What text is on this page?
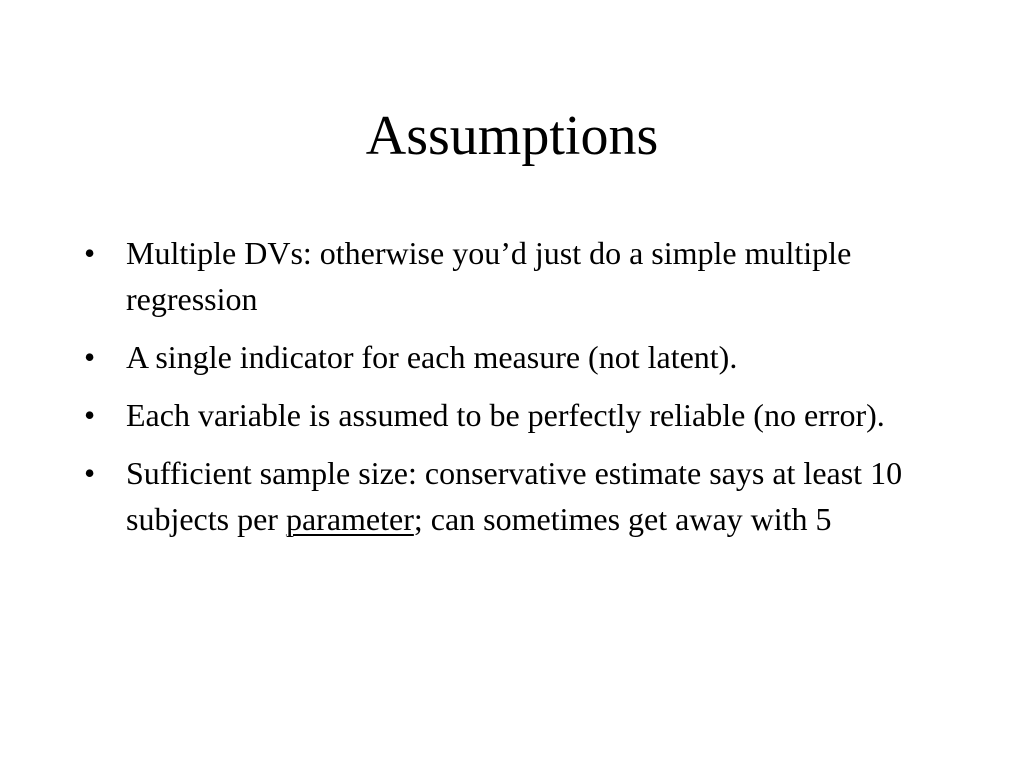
Assumptions
• Multiple DVs: otherwise you’d just do a simple multiple regression
• A single indicator for each measure (not latent).
• Each variable is assumed to be perfectly reliable (no error).
• Sufficient sample size: conservative estimate says at least 10 subjects per parameter; can sometimes get away with 5
